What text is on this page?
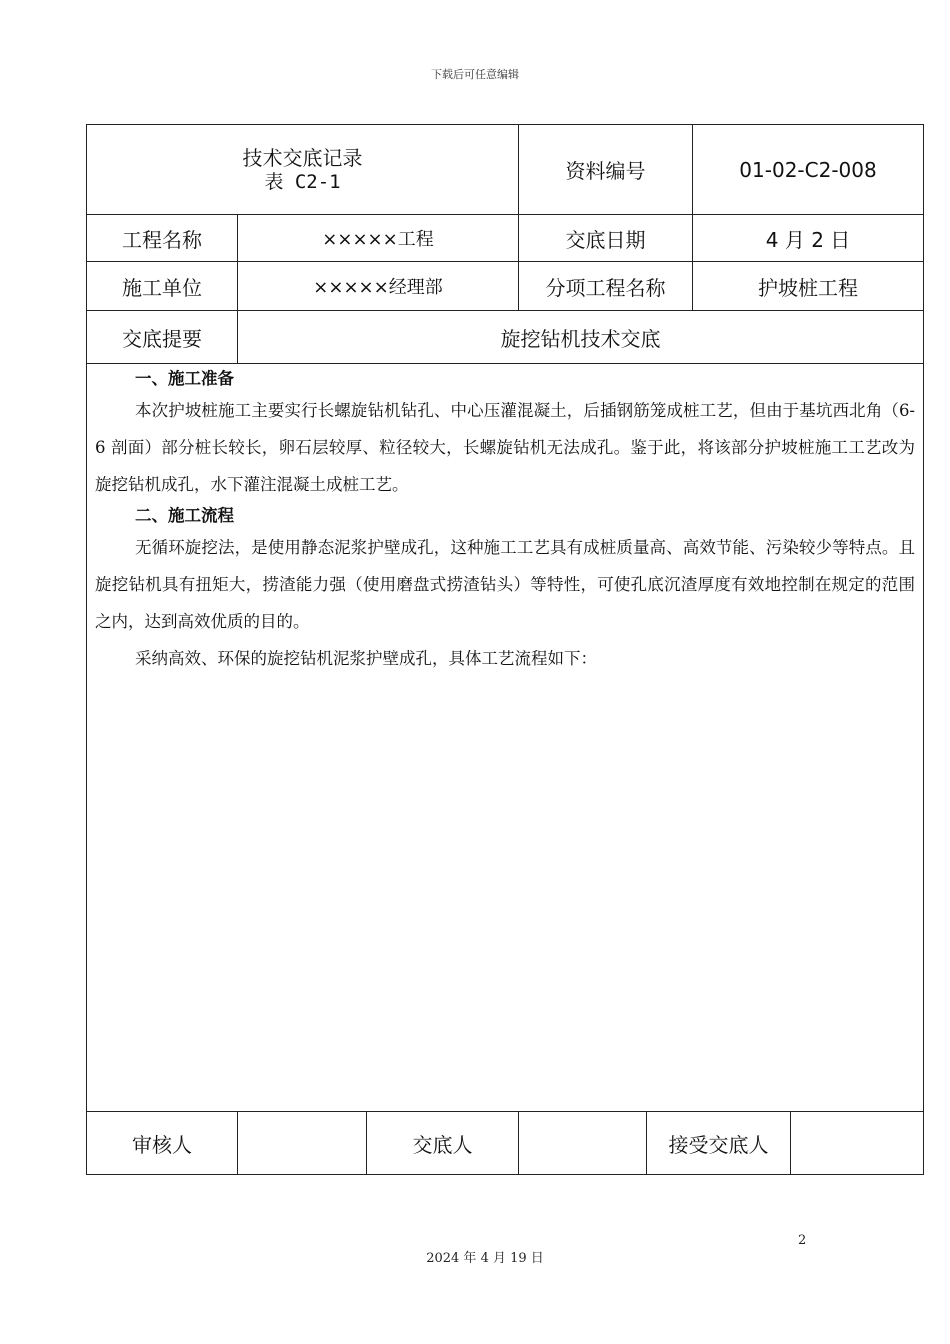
下载后可任意编辑
技术交底记录
表 C2-1	资料编号	01-02-C2-008
工程名称	×××××工程	交底日期	4 月 2 日
施工单位	×××××经理部	分项工程名称	护坡桩工程
交底提要	旋挖钻机技术交底

一、施工准备

本次护坡桩施工主要实行长螺旋钻机钻孔、中心压灌混凝土，后插钢筋笼成桩工艺，但由于基坑西北角（6-6 剖面）部分桩长较长，卵石层较厚、粒径较大，长螺旋钻机无法成孔。鉴于此，将该部分护坡桩施工工艺改为旋挖钻机成孔，水下灌注混凝土成桩工艺。

二、施工流程

无循环旋挖法，是使用静态泥浆护壁成孔，这种施工工艺具有成桩质量高、高效节能、污染较少等特点。且旋挖钻机具有扭矩大，捞渣能力强（使用磨盘式捞渣钻头）等特性，可使孔底沉渣厚度有效地控制在规定的范围之内，达到高效优质的目的。

采纳高效、环保的旋挖钻机泥浆护壁成孔，具体工艺流程如下：

审核人		交底人			接受交底人	
2
2024 年 4 月 19 日
